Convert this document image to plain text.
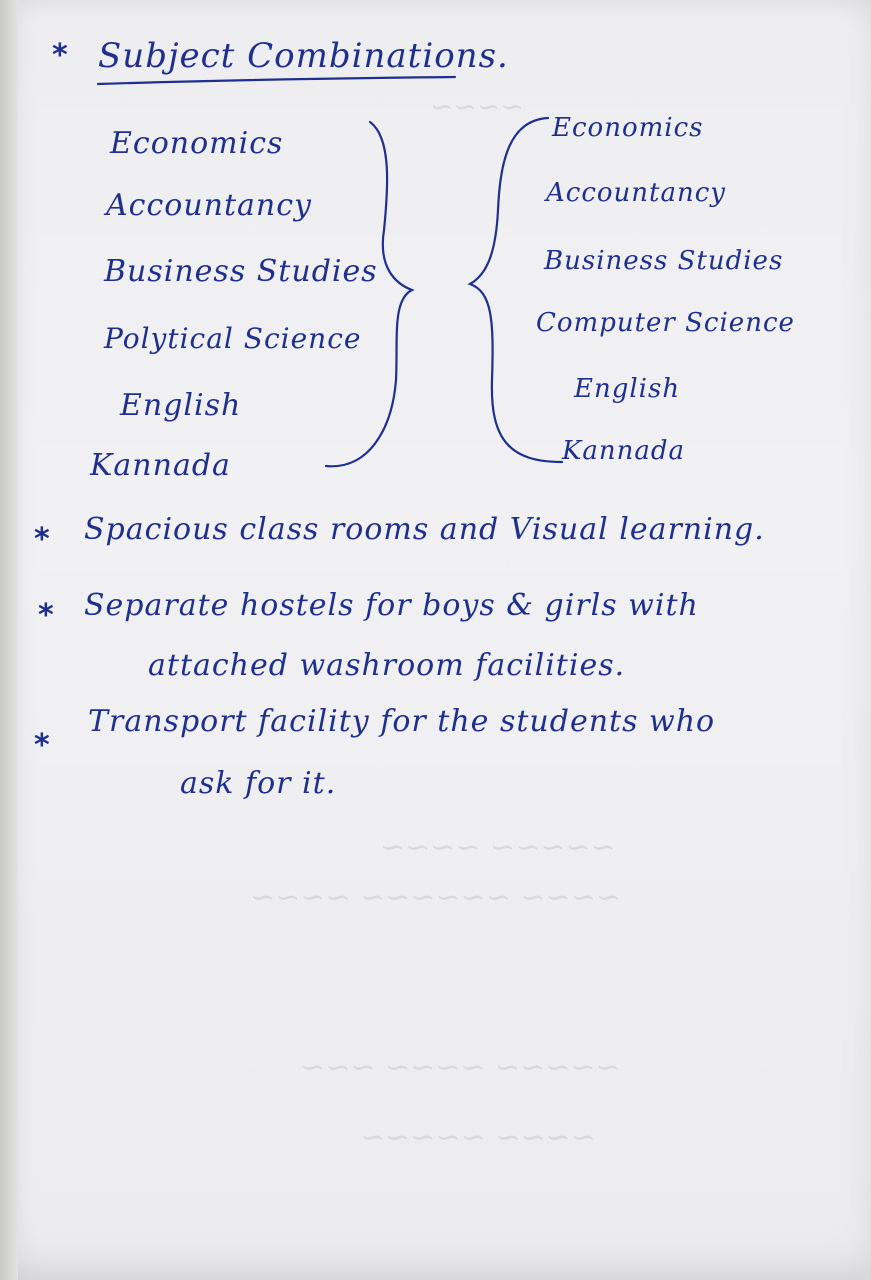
~~~~
~~~~~ ~~~~
~~~~ ~~~~~~ ~~~~
~~~~~ ~~~~ ~~~
~~~~ ~~~~~
* Subject Combinations.
Economics
Accountancy
Business Studies
Polytical Science
English
Kannada
Economics
Accountancy
Business Studies
Computer Science
English
Kannada
* Spacious class rooms and Visual learning.
* Separate hostels for boys & girls with
attached washroom facilities.
*
Transport facility for the students who
ask for it.
